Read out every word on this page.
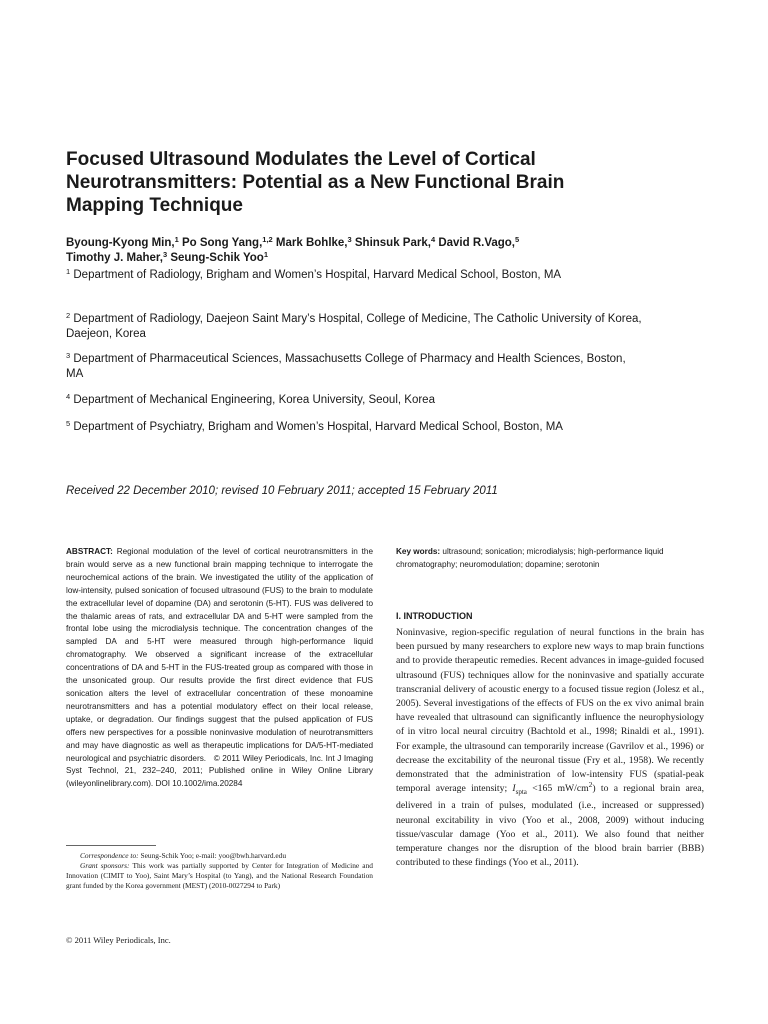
Focused Ultrasound Modulates the Level of Cortical
Neurotransmitters: Potential as a New Functional Brain
Mapping Technique
Byoung-Kyong Min,$^1$ Po Song Yang,$^{1,2}$ Mark Bohlke,$^3$ Shinsuk Park,$^4$ David R.Vago,$^5$
Timothy J. Maher,$^3$ Seung-Schik Yoo$^1$
$^1$ Department of Radiology, Brigham and Women’s Hospital, Harvard Medical School, Boston, MA
$^2$ Department of Radiology, Daejeon Saint Mary’s Hospital, College of Medicine, The Catholic University of Korea, Daejeon, Korea
$^3$ Department of Pharmaceutical Sciences, Massachusetts College of Pharmacy and Health Sciences, Boston, MA
$^4$ Department of Mechanical Engineering, Korea University, Seoul, Korea
$^5$ Department of Psychiatry, Brigham and Women’s Hospital, Harvard Medical School, Boston, MA
Received 22 December 2010; revised 10 February 2011; accepted 15 February 2011

ABSTRACT: Regional modulation of the level of cortical neurotransmitters in the brain would serve as a new functional brain mapping technique to interrogate the neurochemical actions of the brain. We investigated the utility of the application of low-intensity, pulsed sonication of focused ultrasound (FUS) to the brain to modulate the extracellular level of dopamine (DA) and serotonin (5-HT). FUS was delivered to the thalamic areas of rats, and extracellular DA and 5-HT were sampled from the frontal lobe using the microdialysis technique. The concentration changes of the sampled DA and 5-HT were measured through high-performance liquid chromatography. We observed a significant increase of the extracellular concentrations of DA and 5-HT in the FUS-treated group as compared with those in the unsonicated group. Our results provide the first direct evidence that FUS sonication alters the level of extracellular concentration of these monoamine neurotransmitters and has a potential modulatory effect on their local release, uptake, or degradation. Our findings suggest that the pulsed application of FUS offers new perspectives for a possible noninvasive modulation of neurotransmitters and may have diagnostic as well as therapeutic implications for DA/5-HT-mediated neurological and psychiatric disorders. © 2011 Wiley Periodicals, Inc. Int J Imaging Syst Technol, 21, 232–240, 2011; Published online in Wiley Online Library (wileyonlinelibrary.com). DOI 10.1002/ima.20284

Correspondence to: Seung-Schik Yoo; e-mail: yoo@bwh.harvard.edu

Grant sponsors: This work was partially supported by Center for Integration of Medicine and Innovation (CIMIT to Yoo), Saint Mary’s Hospital (to Yang), and the National Research Foundation grant funded by the Korea government (MEST) (2010-0027294 to Park)

© 2011 Wiley Periodicals, Inc.

Key words: ultrasound; sonication; microdialysis; high-performance liquid chromatography; neuromodulation; dopamine; serotonin

I. INTRODUCTION

Noninvasive, region-specific regulation of neural functions in the brain has been pursued by many researchers to explore new ways to map brain functions and to provide therapeutic remedies. Recent advances in image-guided focused ultrasound (FUS) techniques allow for the noninvasive and spatially accurate transcranial delivery of acoustic energy to a focused tissue region (Jolesz et al., 2005). Several investigations of the effects of FUS on the ex vivo animal brain have revealed that ultrasound can significantly influence the neurophysiology of in vitro local neural circuitry (Bachtold et al., 1998; Rinaldi et al., 1991). For example, the ultrasound can temporarily increase (Gavrilov et al., 1996) or decrease the excitability of the neuronal tissue (Fry et al., 1958). We recently demonstrated that the administration of low-intensity FUS (spatial-peak temporal average intensity; $I_{spta} <165$ $mW/cm^2$) to a regional brain area, delivered in a train of pulses, modulated (i.e., increased or suppressed) neuronal excitability in vivo (Yoo et al., 2008, 2009) without inducing tissue/vascular damage (Yoo et al., 2011). We also found that neither temperature changes nor the disruption of the blood brain barrier (BBB) contributed to these findings (Yoo et al., 2011).
